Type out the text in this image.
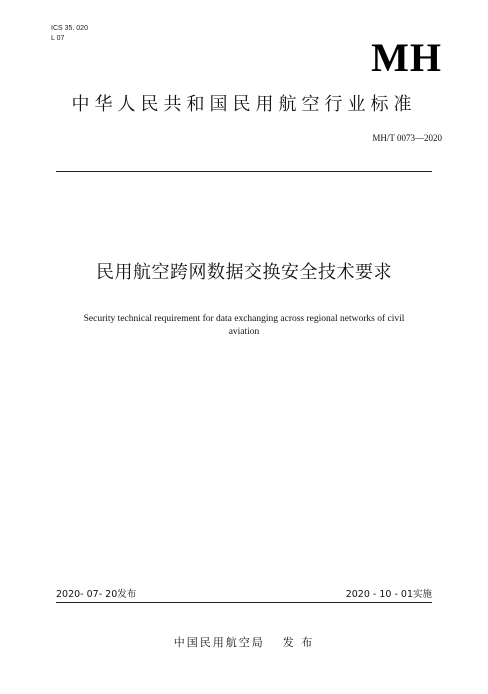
ICS 35. 020
L 07	MH
中华人民共和国民用航空行业标准
MH/T 0073—2020
民用航空跨网数据交换安全技术要求
Security technical requirement for data exchanging across regional networks of civil
aviation
2020- 07- 20发布	2020 - 10 - 01实施
中国民用航空局 发 布
